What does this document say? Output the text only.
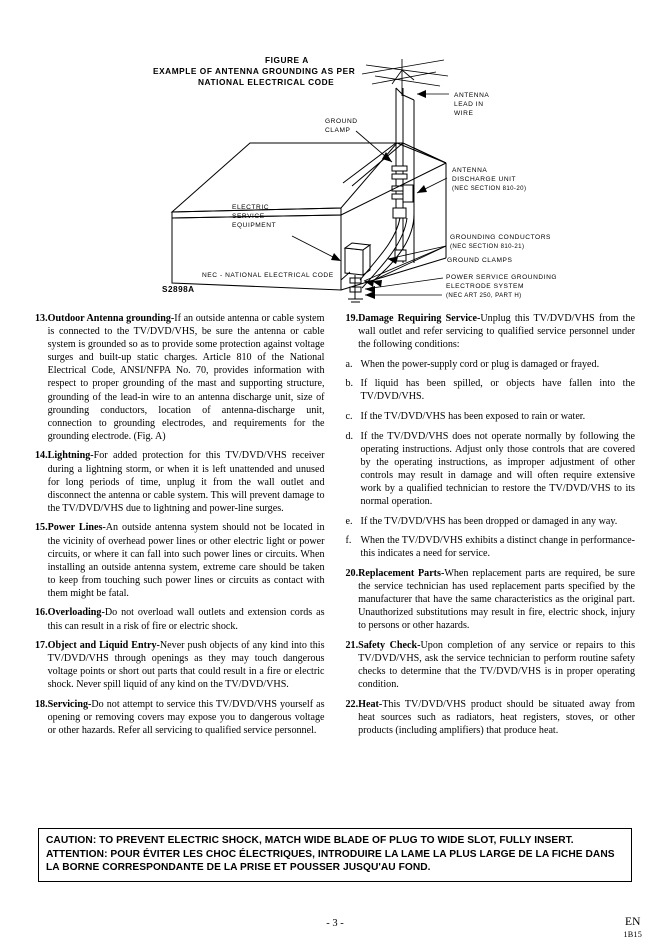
FIGURE A
EXAMPLE OF ANTENNA GROUNDING AS PER
NATIONAL ELECTRICAL CODE
ANTENNA
LEAD IN
WIRE
GROUND
CLAMP
ANTENNA
DISCHARGE UNIT
(NEC SECTION 810-20)
ELECTRIC
SERVICE
EQUIPMENT
GROUNDING CONDUCTORS
(NEC SECTION 810-21)
GROUND CLAMPS
POWER SERVICE GROUNDING
ELECTRODE SYSTEM
(NEC ART 250, PART H)
NEC - NATIONAL ELECTRICAL CODE
S2898A
13. Outdoor Antenna grounding-If an outside antenna or cable system is connected to the TV/DVD/VHS, be sure the antenna or cable system is grounded so as to provide some protection against voltage surges and built-up static charges. Article 810 of the National Electrical Code, ANSI/NFPA No. 70, provides information with respect to proper grounding of the mast and supporting structure, grounding of the lead-in wire to an antenna discharge unit, size of grounding conductors, location of antenna-discharge unit, connection to grounding electrodes, and requirements for the grounding electrode. (Fig. A)
14. Lightning-For added protection for this TV/DVD/VHS receiver during a lightning storm, or when it is left unattended and unused for long periods of time, unplug it from the wall outlet and disconnect the antenna or cable system. This will prevent damage to the TV/DVD/VHS due to lightning and power-line surges.
15. Power Lines-An outside antenna system should not be located in the vicinity of overhead power lines or other electric light or power circuits, or where it can fall into such power lines or circuits. When installing an outside antenna system, extreme care should be taken to keep from touching such power lines or circuits as contact with them might be fatal.
16. Overloading-Do not overload wall outlets and extension cords as this can result in a risk of fire or electric shock.
17. Object and Liquid Entry-Never push objects of any kind into this TV/DVD/VHS through openings as they may touch dangerous voltage points or short out parts that could result in a fire or electric shock. Never spill liquid of any kind on the TV/DVD/VHS.
18. Servicing-Do not attempt to service this TV/DVD/VHS yourself as opening or removing covers may expose you to dangerous voltage or other hazards. Refer all servicing to qualified service personnel.
19. Damage Requiring Service-Unplug this TV/DVD/VHS from the wall outlet and refer servicing to qualified service personnel under the following conditions:
a. When the power-supply cord or plug is damaged or frayed.
b. If liquid has been spilled, or objects have fallen into the TV/DVD/VHS.
c. If the TV/DVD/VHS has been exposed to rain or water.
d. If the TV/DVD/VHS does not operate normally by following the operating instructions. Adjust only those controls that are covered by the operating instructions, as improper adjustment of other controls may result in damage and will often require extensive work by a qualified technician to restore the TV/DVD/VHS to its normal operation.
e. If the TV/DVD/VHS has been dropped or damaged in any way.
f. When the TV/DVD/VHS exhibits a distinct change in performance-this indicates a need for service.
20. Replacement Parts-When replacement parts are required, be sure the service technician has used replacement parts specified by the manufacturer that have the same characteristics as the original part. Unauthorized substitutions may result in fire, electric shock, injury to persons or other hazards.
21. Safety Check-Upon completion of any service or repairs to this TV/DVD/VHS, ask the service technician to perform routine safety checks to determine that the TV/DVD/VHS is in proper operating condition.
22. Heat-This TV/DVD/VHS product should be situated away from heat sources such as radiators, heat registers, stoves, or other products (including amplifiers) that produce heat.

CAUTION: TO PREVENT ELECTRIC SHOCK, MATCH WIDE BLADE OF PLUG TO WIDE SLOT, FULLY INSERT.

ATTENTION: POUR ÉVITER LES CHOC ÉLECTRIQUES, INTRODUIRE LA LAME LA PLUS LARGE DE LA FICHE DANS LA BORNE CORRESPONDANTE DE LA PRISE ET POUSSER JUSQU'AU FOND.

- 3 -	EN
1B15
